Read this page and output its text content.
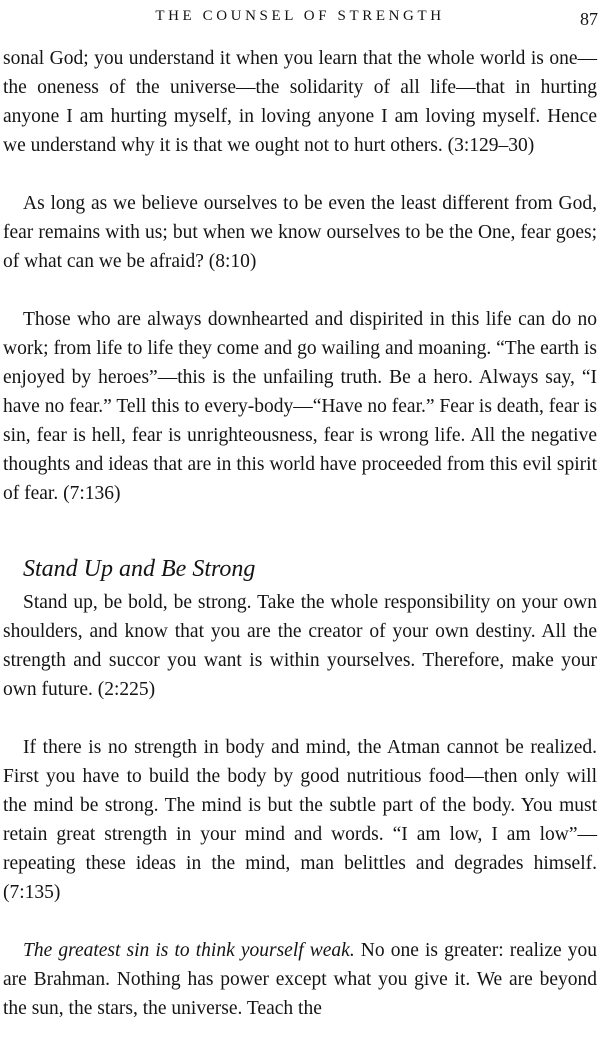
THE COUNSEL OF STRENGTH	87

sonal God; you understand it when you learn that the whole world is one—the oneness of the universe—the solidarity of all life—that in hurting anyone I am hurting myself, in loving anyone I am loving myself. Hence we understand why it is that we ought not to hurt others. (3:129–30)

As long as we believe ourselves to be even the least different from God, fear remains with us; but when we know ourselves to be the One, fear goes; of what can we be afraid? (8:10)

Those who are always downhearted and dispirited in this life can do no work; from life to life they come and go wailing and moaning. “The earth is enjoyed by heroes”—this is the unfailing truth. Be a hero. Always say, “I have no fear.” Tell this to every-body—“Have no fear.” Fear is death, fear is sin, fear is hell, fear is unrighteousness, fear is wrong life. All the negative thoughts and ideas that are in this world have proceeded from this evil spirit of fear. (7:136)

Stand Up and Be Strong

Stand up, be bold, be strong. Take the whole responsibility on your own shoulders, and know that you are the creator of your own destiny. All the strength and succor you want is within yourselves. Therefore, make your own future. (2:225)

If there is no strength in body and mind, the Atman cannot be realized. First you have to build the body by good nutritious food—then only will the mind be strong. The mind is but the subtle part of the body. You must retain great strength in your mind and words. “I am low, I am low”—repeating these ideas in the mind, man belittles and degrades himself. (7:135)

The greatest sin is to think yourself weak. No one is greater: realize you are Brahman. Nothing has power except what you give it. We are beyond the sun, the stars, the universe. Teach the
